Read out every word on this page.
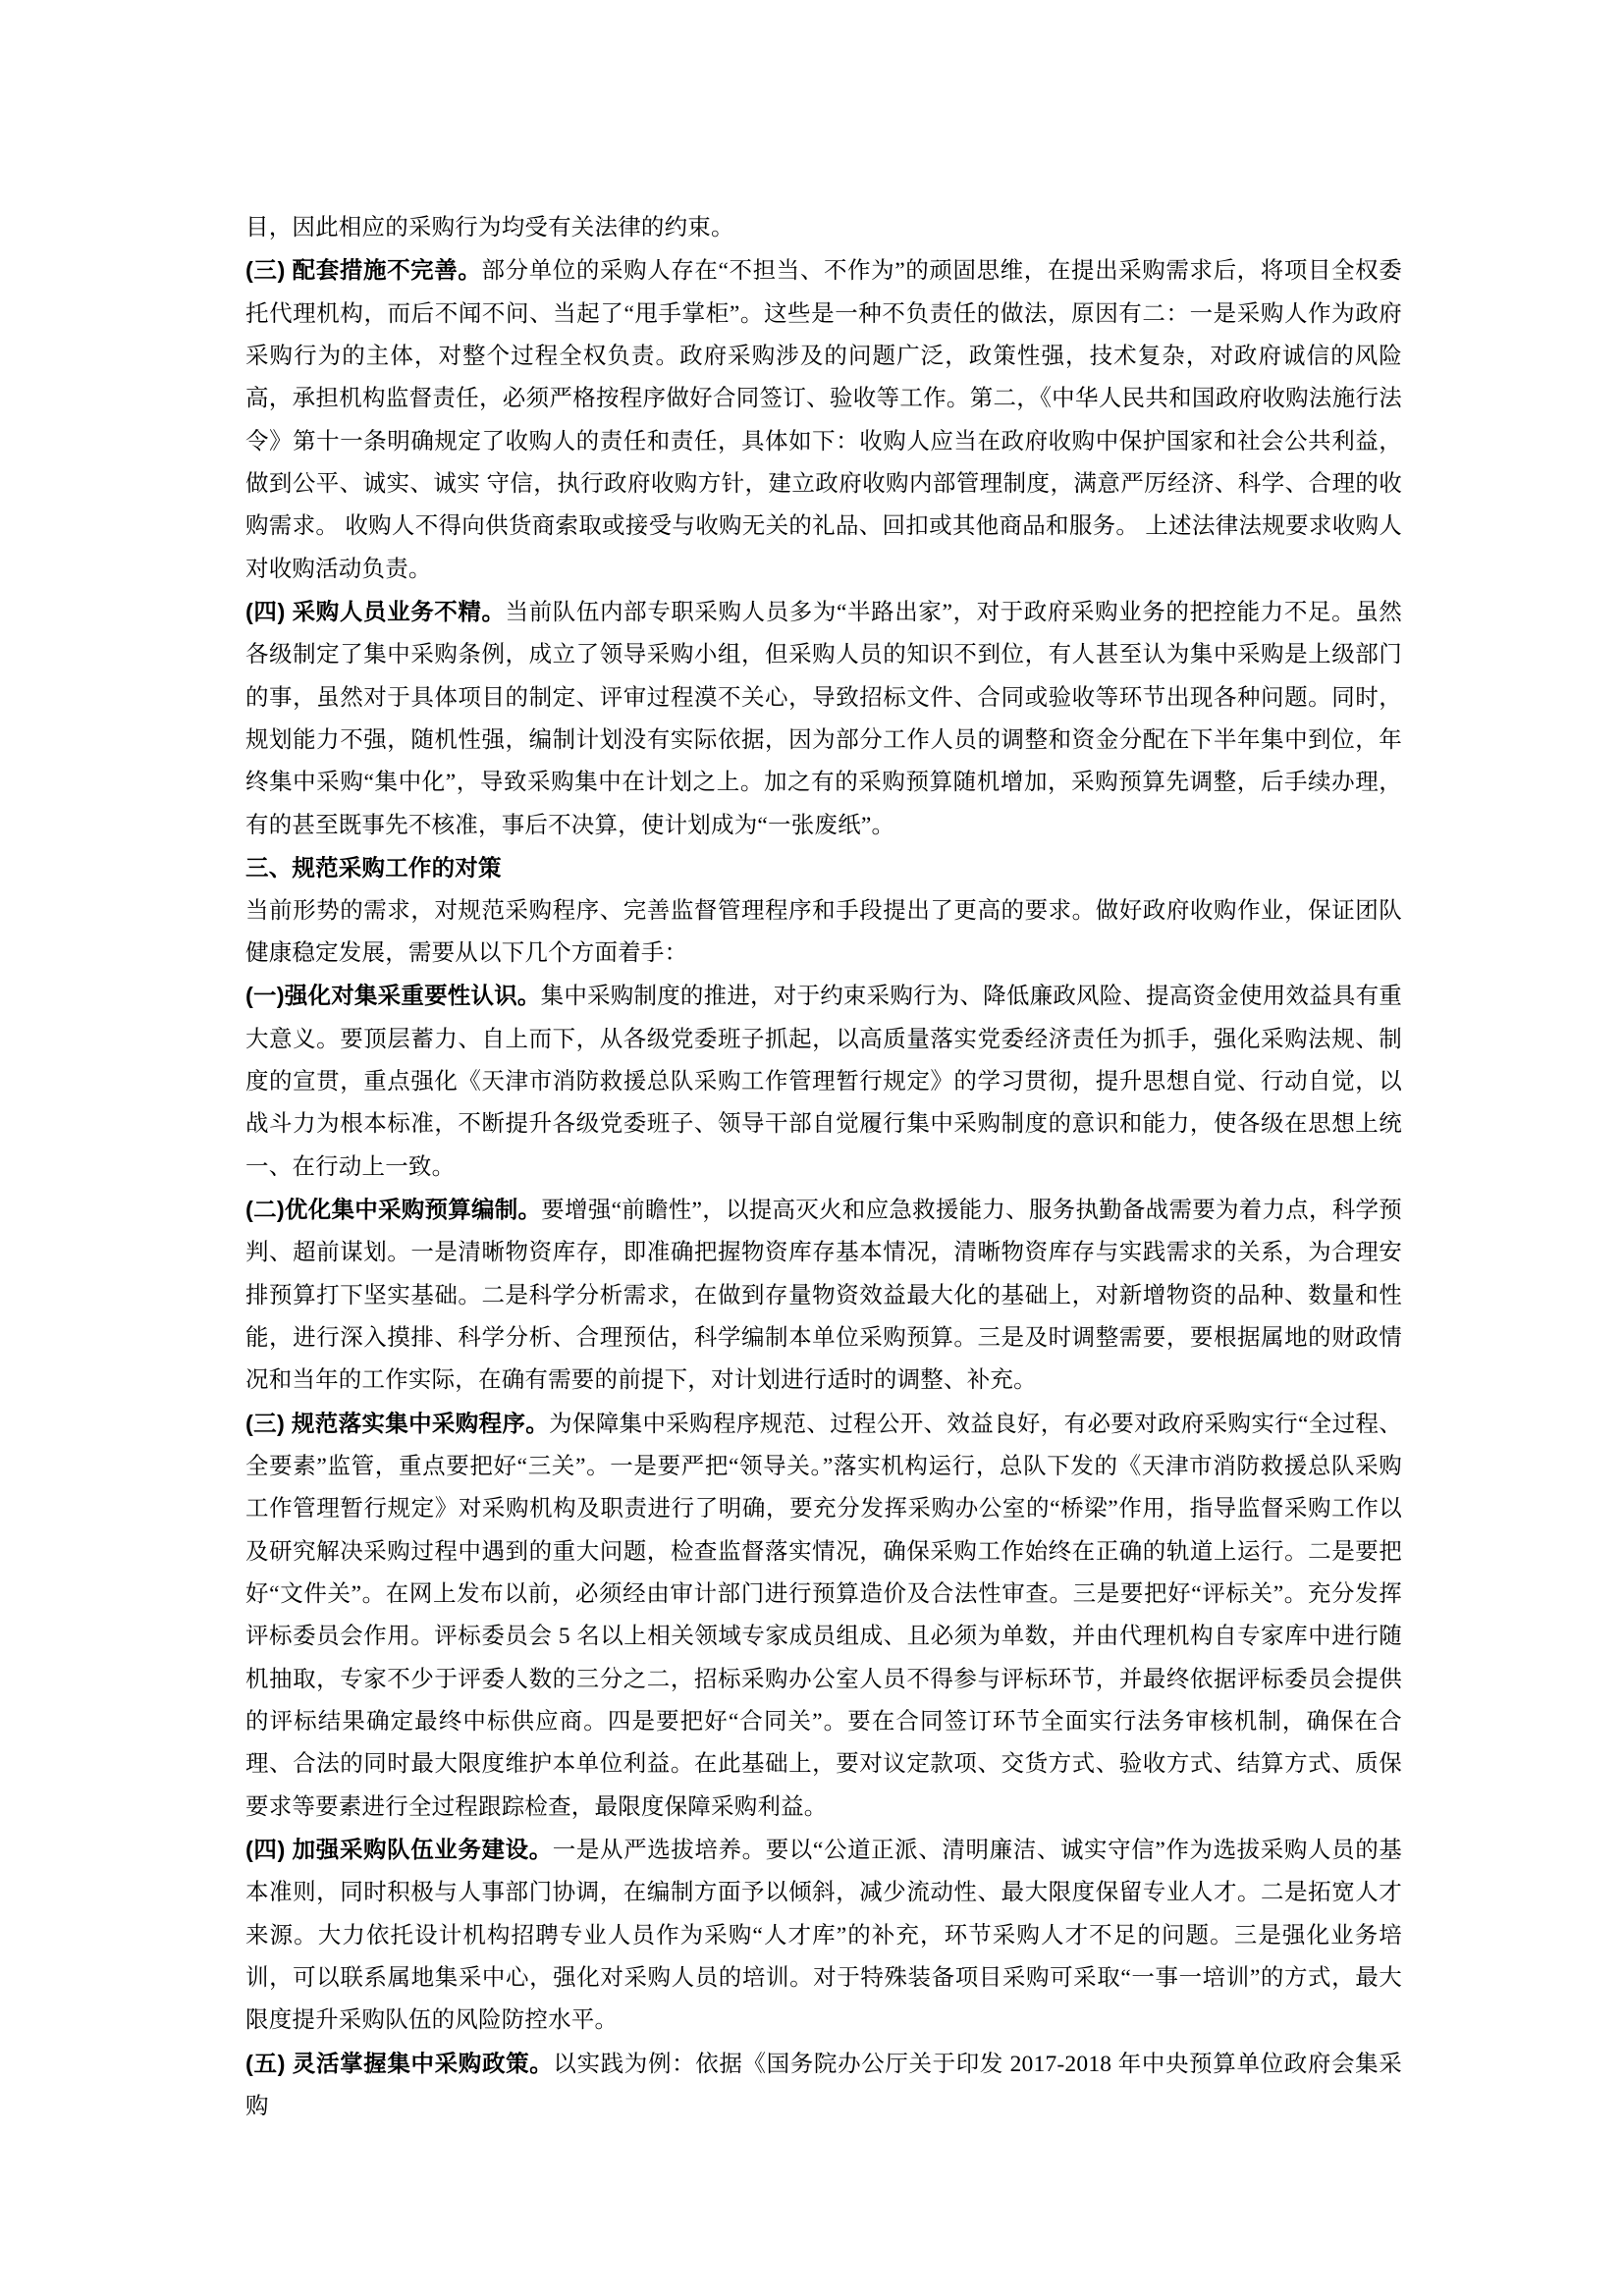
目，因此相应的采购行为均受有关法律的约束。

(三) 配套措施不完善。部分单位的采购人存在“不担当、不作为”的顽固思维，在提出采购需求后，将项目全权委托代理机构，而后不闻不问、当起了“甩手掌柜”。这些是一种不负责任的做法，原因有二：一是采购人作为政府采购行为的主体，对整个过程全权负责。政府采购涉及的问题广泛，政策性强，技术复杂，对政府诚信的风险高，承担机构监督责任，必须严格按程序做好合同签订、验收等工作。第二，《中华人民共和国政府收购法施行法令》第十一条明确规定了收购人的责任和责任，具体如下：收购人应当在政府收购中保护国家和社会公共利益，做到公平、诚实、诚实 守信，执行政府收购方针，建立政府收购内部管理制度，满意严厉经济、科学、合理的收购需求。 收购人不得向供货商索取或接受与收购无关的礼品、回扣或其他商品和服务。 上述法律法规要求收购人对收购活动负责。

(四) 采购人员业务不精。当前队伍内部专职采购人员多为“半路出家”，对于政府采购业务的把控能力不足。虽然各级制定了集中采购条例，成立了领导采购小组，但采购人员的知识不到位，有人甚至认为集中采购是上级部门的事，虽然对于具体项目的制定、评审过程漠不关心，导致招标文件、合同或验收等环节出现各种问题。同时，规划能力不强，随机性强，编制计划没有实际依据，因为部分工作人员的调整和资金分配在下半年集中到位，年终集中采购“集中化”，导致采购集中在计划之上。加之有的采购预算随机增加，采购预算先调整，后手续办理，有的甚至既事先不核准，事后不决算，使计划成为“一张废纸”。

三、规范采购工作的对策

当前形势的需求，对规范采购程序、完善监督管理程序和手段提出了更高的要求。做好政府收购作业，保证团队健康稳定发展，需要从以下几个方面着手：

(一)强化对集采重要性认识。集中采购制度的推进，对于约束采购行为、降低廉政风险、提高资金使用效益具有重大意义。要顶层蓄力、自上而下，从各级党委班子抓起，以高质量落实党委经济责任为抓手，强化采购法规、制度的宣贯，重点强化《天津市消防救援总队采购工作管理暂行规定》的学习贯彻，提升思想自觉、行动自觉，以战斗力为根本标准，不断提升各级党委班子、领导干部自觉履行集中采购制度的意识和能力，使各级在思想上统一、在行动上一致。

(二)优化集中采购预算编制。要增强“前瞻性”，以提高灭火和应急救援能力、服务执勤备战需要为着力点，科学预判、超前谋划。一是清晰物资库存，即准确把握物资库存基本情况，清晰物资库存与实践需求的关系，为合理安排预算打下坚实基础。二是科学分析需求，在做到存量物资效益最大化的基础上，对新增物资的品种、数量和性能，进行深入摸排、科学分析、合理预估，科学编制本单位采购预算。三是及时调整需要，要根据属地的财政情况和当年的工作实际，在确有需要的前提下，对计划进行适时的调整、补充。

(三) 规范落实集中采购程序。为保障集中采购程序规范、过程公开、效益良好，有必要对政府采购实行“全过程、全要素”监管，重点要把好“三关”。一是要严把“领导关。”落实机构运行，总队下发的《天津市消防救援总队采购工作管理暂行规定》对采购机构及职责进行了明确，要充分发挥采购办公室的“桥梁”作用，指导监督采购工作以及研究解决采购过程中遇到的重大问题，检查监督落实情况，确保采购工作始终在正确的轨道上运行。二是要把好“文件关”。在网上发布以前，必须经由审计部门进行预算造价及合法性审查。三是要把好“评标关”。充分发挥评标委员会作用。评标委员会 5 名以上相关领域专家成员组成、且必须为单数，并由代理机构自专家库中进行随机抽取，专家不少于评委人数的三分之二，招标采购办公室人员不得参与评标环节，并最终依据评标委员会提供的评标结果确定最终中标供应商。四是要把好“合同关”。要在合同签订环节全面实行法务审核机制，确保在合理、合法的同时最大限度维护本单位利益。在此基础上，要对议定款项、交货方式、验收方式、结算方式、质保要求等要素进行全过程跟踪检查，最限度保障采购利益。

(四) 加强采购队伍业务建设。一是从严选拔培养。要以“公道正派、清明廉洁、诚实守信”作为选拔采购人员的基本准则，同时积极与人事部门协调，在编制方面予以倾斜，减少流动性、最大限度保留专业人才。二是拓宽人才来源。大力依托设计机构招聘专业人员作为采购“人才库”的补充，环节采购人才不足的问题。三是强化业务培训，可以联系属地集采中心，强化对采购人员的培训。对于特殊装备项目采购可采取“一事一培训”的方式，最大限度提升采购队伍的风险防控水平。

(五) 灵活掌握集中采购政策。以实践为例：依据《国务院办公厅关于印发 2017-2018 年中央预算单位政府会集采购
